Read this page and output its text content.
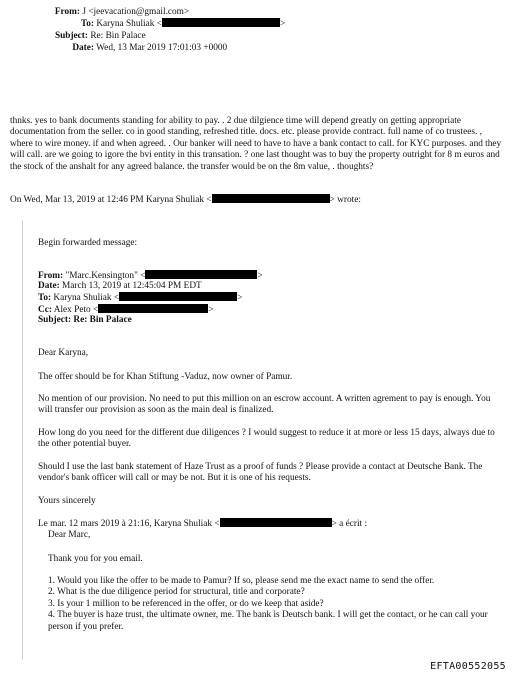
From: J <jeevacation@gmail.com>
To: Karyna Shuliak <	>
Subject: Re: Bin Palace
Date: Wed, 13 Mar 2019 17:01:03 +0000

thnks. yes to bank documents standing for ability to pay. . 2 due dilgience time will depend greatly on getting appropriate documentation from the seller. co in good standing, refreshed title. docs. etc. please provide contract. full name of co trustees. , where to wire money. if and when agreed. . Our banker will need to have to have a bank contact to call. for KYC purposes. and they will call. are we going to igore the bvi entity in this transation. ? one last thought was to buy the property outright for 8 m euros and the stock of the anshalt for any agreed balance. the transfer would be on the 8m value, . thoughts?

On Wed, Mar 13, 2019 at 12:46 PM Karyna Shuliak <	> wrote:
Begin forwarded message:
From: "Marc.Kensington" <	>
Date: March 13, 2019 at 12:45:04 PM EDT
To: Karyna Shuliak <	>
Cc: Alex Peto <	>
Subject: Re: Bin Palace
Dear Karyna,
The offer should be for Khan Stiftung -Vaduz, now owner of Pamur.
No mention of our provision. No need to put this million on an escrow account. A written agrement to pay is enough. You will transfer our provision as soon as the main deal is finalized.
How long do you need for the different due diligences ? I would suggest to reduce it at more or less 15 days, always due to the other potential buyer.
Should I use the last bank statement of Haze Trust as a proof of funds ? Please provide a contact at Deutsche Bank. The vendor's bank officer will call or may be not. But it is one of his requests.
Yours sincerely
Le mar. 12 mars 2019 à 21:16, Karyna Shuliak <	> a écrit :
Dear Marc,
Thank you for you email.
1. Would you like the offer to be made to Pamur? If so, please send me the exact name to send the offer.
2. What is the due diligence period for structural, title and corporate?
3. Is your 1 million to be referenced in the offer, or do we keep that aside?
4. The buyer is haze trust, the ultimate owner, me. The bank is Deutsch bank. I will get the contact, or he can call your person if you prefer.
EFTA00552055
